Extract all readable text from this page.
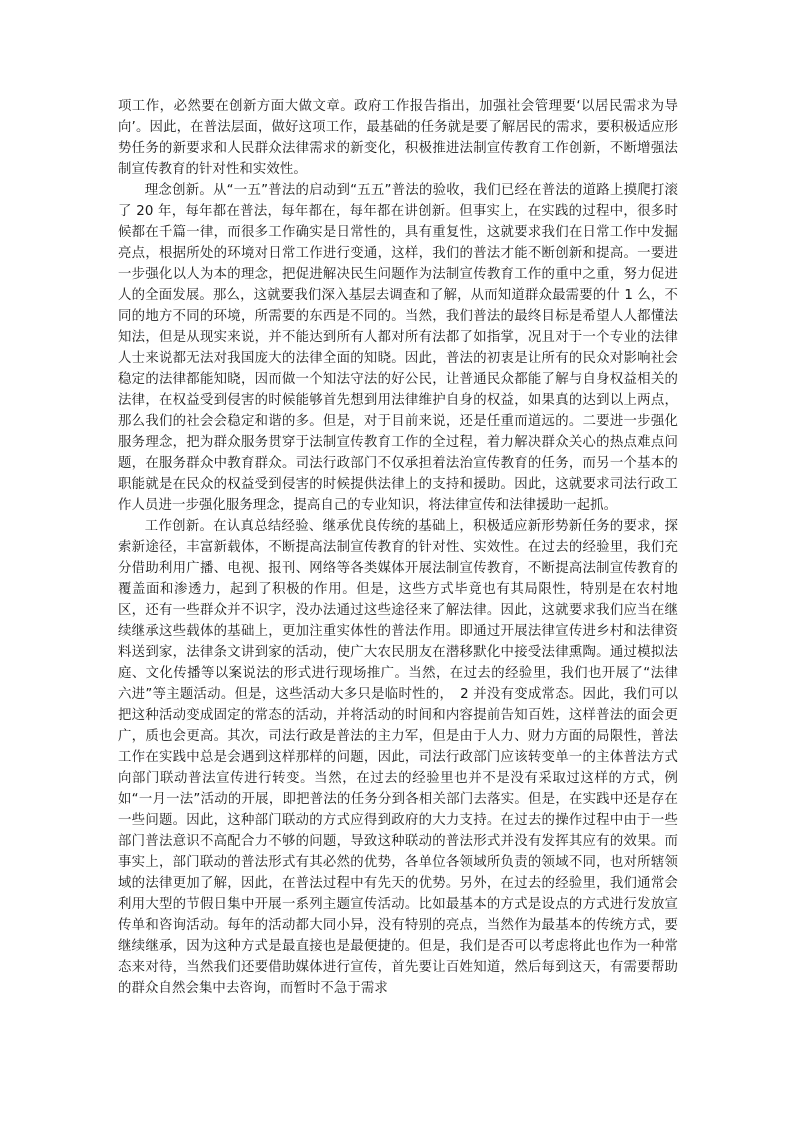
项工作，必然要在创新方面大做文章。政府工作报告指出，加强社会管理要‘以居民需求为导向’。因此，在普法层面，做好这项工作，最基础的任务就是要了解居民的需求，要积极适应形势任务的新要求和人民群众法律需求的新变化，积极推进法制宣传教育工作创新，不断增强法制宣传教育的针对性和实效性。

理念创新。从“一五”普法的启动到“五五”普法的验收，我们已经在普法的道路上摸爬打滚了 20 年，每年都在普法，每年都在，每年都在讲创新。但事实上，在实践的过程中，很多时候都在千篇一律，而很多工作确实是日常性的，具有重复性，这就要求我们在日常工作中发掘亮点，根据所处的环境对日常工作进行变通，这样，我们的普法才能不断创新和提高。一要进一步强化以人为本的理念，把促进解决民生问题作为法制宣传教育工作的重中之重，努力促进人的全面发展。那么，这就要我们深入基层去调查和了解，从而知道群众最需要的什 1 么，不同的地方不同的环境，所需要的东西是不同的。当然，我们普法的最终目标是希望人人都懂法知法，但是从现实来说，并不能达到所有人都对所有法都了如指掌，况且对于一个专业的法律人士来说都无法对我国庞大的法律全面的知晓。因此，普法的初衷是让所有的民众对影响社会稳定的法律都能知晓，因而做一个知法守法的好公民，让普通民众都能了解与自身权益相关的法律，在权益受到侵害的时候能够首先想到用法律维护自身的权益，如果真的达到以上两点，那么我们的社会会稳定和谐的多。但是，对于目前来说，还是任重而道远的。二要进一步强化服务理念，把为群众服务贯穿于法制宣传教育工作的全过程，着力解决群众关心的热点难点问题，在服务群众中教育群众。司法行政部门不仅承担着法治宣传教育的任务，而另一个基本的职能就是在民众的权益受到侵害的时候提供法律上的支持和援助。因此，这就要求司法行政工作人员进一步强化服务理念，提高自己的专业知识，将法律宣传和法律援助一起抓。

工作创新。在认真总结经验、继承优良传统的基础上，积极适应新形势新任务的要求，探索新途径，丰富新载体，不断提高法制宣传教育的针对性、实效性。在过去的经验里，我们充分借助利用广播、电视、报刊、网络等各类媒体开展法制宣传教育，不断提高法制宣传教育的覆盖面和渗透力，起到了积极的作用。但是，这些方式毕竟也有其局限性，特别是在农村地区，还有一些群众并不识字，没办法通过这些途径来了解法律。因此，这就要求我们应当在继续继承这些载体的基础上，更加注重实体性的普法作用。即通过开展法律宣传进乡村和法律资料送到家，法律条文讲到家的活动，使广大农民朋友在潜移默化中接受法律熏陶。通过模拟法庭、文化传播等以案说法的形式进行现场推广。当然，在过去的经验里，我们也开展了“法律六进”等主题活动。但是，这些活动大多只是临时性的，　2 并没有变成常态。因此，我们可以把这种活动变成固定的常态的活动，并将活动的时间和内容提前告知百姓，这样普法的面会更广，质也会更高。其次，司法行政是普法的主力军，但是由于人力、财力方面的局限性，普法工作在实践中总是会遇到这样那样的问题，因此，司法行政部门应该转变单一的主体普法方式向部门联动普法宣传进行转变。当然，在过去的经验里也并不是没有采取过这样的方式，例如“一月一法”活动的开展，即把普法的任务分到各相关部门去落实。但是，在实践中还是存在一些问题。因此，这种部门联动的方式应得到政府的大力支持。在过去的操作过程中由于一些部门普法意识不高配合力不够的问题，导致这种联动的普法形式并没有发挥其应有的效果。而事实上，部门联动的普法形式有其必然的优势，各单位各领域所负责的领域不同，也对所辖领域的法律更加了解，因此，在普法过程中有先天的优势。另外，在过去的经验里，我们通常会利用大型的节假日集中开展一系列主题宣传活动。比如最基本的方式是设点的方式进行发放宣传单和咨询活动。每年的活动都大同小异，没有特别的亮点，当然作为最基本的传统方式，要继续继承，因为这种方式是最直接也是最便捷的。但是，我们是否可以考虑将此也作为一种常态来对待，当然我们还要借助媒体进行宣传，首先要让百姓知道，然后每到这天，有需要帮助的群众自然会集中去咨询，而暂时不急于需求
